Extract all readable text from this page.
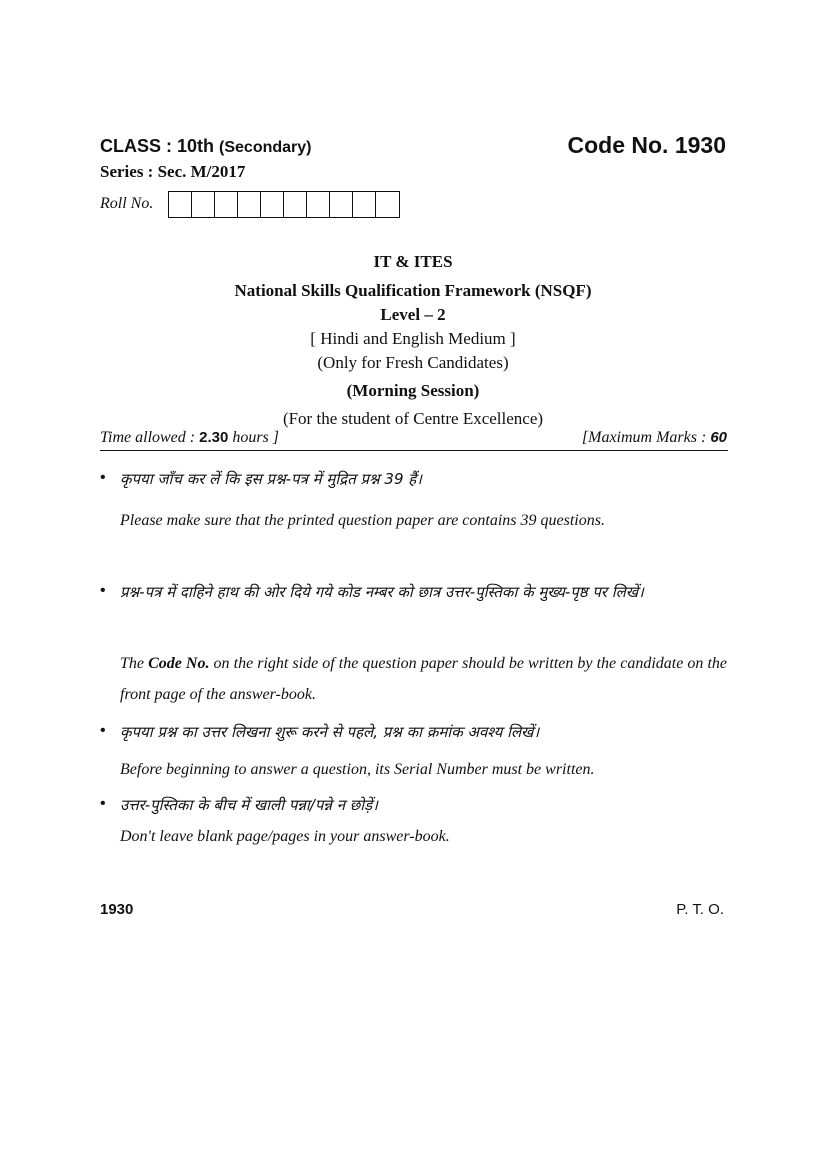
CLASS : 10th (Secondary)	Code No. 1930
Series : Sec. M/2017
Roll No.
IT & ITES
National Skills Qualification Framework (NSQF)
Level – 2
[ Hindi and English Medium ]
(Only for Fresh Candidates)
(Morning Session)
(For the student of Centre Excellence)
Time allowed : 2.30 hours ]	[Maximum Marks : 60
• कृपया जाँच कर लें कि इस प्रश्न-पत्र में मुद्रित प्रश्न 39 हैं।
Please make sure that the printed question paper are contains 39 questions.
• प्रश्न-पत्र में दाहिने हाथ की ओर दिये गये कोड नम्बर को छात्र उत्तर-पुस्तिका के मुख्य-पृष्ठ पर लिखें।
The Code No. on the right side of the question paper should be written by the candidate on the front page of the answer-book.
• कृपया प्रश्न का उत्तर लिखना शुरू करने से पहले, प्रश्न का क्रमांक अवश्य लिखें।
Before beginning to answer a question, its Serial Number must be written.
• उत्तर-पुस्तिका के बीच में खाली पन्ना/पन्ने न छोड़ें।
Don't leave blank page/pages in your answer-book.
1930	P. T. O.
